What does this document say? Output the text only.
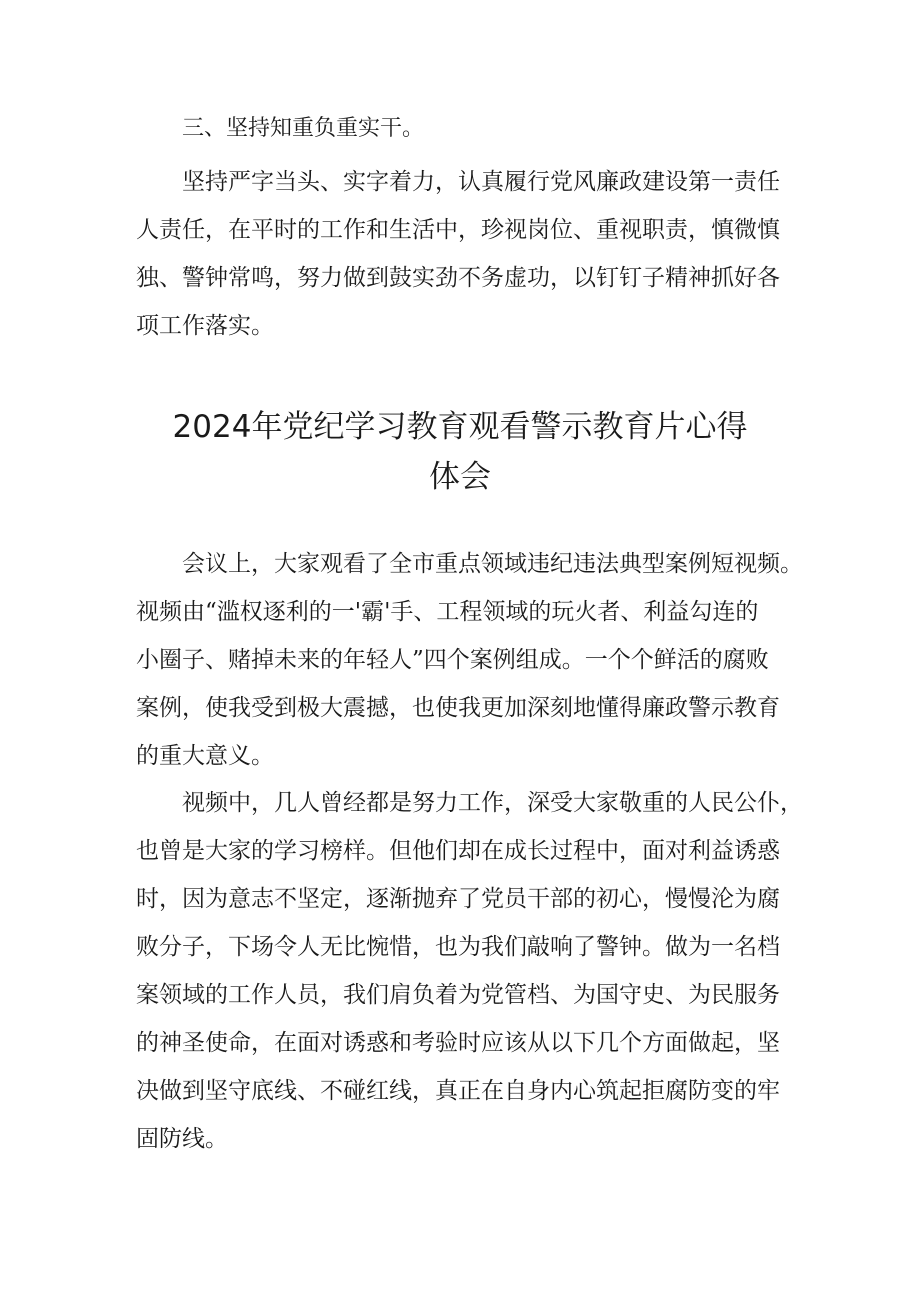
三、坚持知重负重实干。
　　坚持严字当头、实字着力，认真履行党风廉政建设第一责任
人责任，在平时的工作和生活中，珍视岗位、重视职责，慎微慎
独、警钟常鸣，努力做到鼓实劲不务虚功，以钉钉子精神抓好各
项工作落实。
2024年党纪学习教育观看警示教育片心得
体会
　　会议上，大家观看了全市重点领域违纪违法典型案例短视频。
视频由“滥权逐利的一'霸'手、工程领域的玩火者、利益勾连的
小圈子、赌掉未来的年轻人”四个案例组成。一个个鲜活的腐败
案例，使我受到极大震撼，也使我更加深刻地懂得廉政警示教育
的重大意义。
　　视频中，几人曾经都是努力工作，深受大家敬重的人民公仆，
也曾是大家的学习榜样。但他们却在成长过程中，面对利益诱惑
时，因为意志不坚定，逐渐抛弃了党员干部的初心，慢慢沦为腐
败分子，下场令人无比惋惜，也为我们敲响了警钟。做为一名档
案领域的工作人员，我们肩负着为党管档、为国守史、为民服务
的神圣使命，在面对诱惑和考验时应该从以下几个方面做起，坚
决做到坚守底线、不碰红线，真正在自身内心筑起拒腐防变的牢
固防线。
